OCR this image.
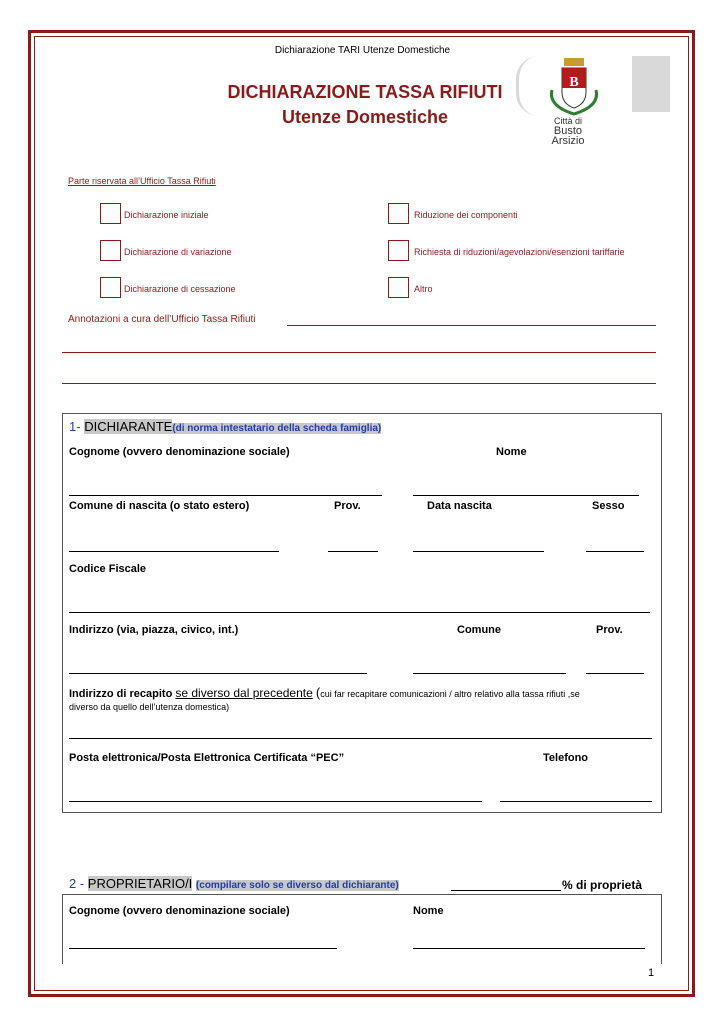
Dichiarazione TARI Utenze Domestiche
DICHIARAZIONE TASSA RIFIUTI
Utenze Domestiche
B
Città di
Busto Arsizio
Parte riservata all’Ufficio Tassa Rifiuti
Dichiarazione iniziale
Dichiarazione di variazione
Dichiarazione di cessazione
Riduzione dei componenti
Richiesta di riduzioni/agevolazioni/esenzioni tariffarie
Altro
Annotazioni a cura dell’Ufficio Tassa Rifiuti
1- DICHIARANTE(di norma intestatario della scheda famiglia)
Cognome (ovvero denominazione sociale)	Nome
Comune di nascita (o stato estero)	Prov.	Data nascita	Sesso
Codice Fiscale
Indirizzo (via, piazza, civico, int.)	Comune	Prov.
Indirizzo di recapito se diverso dal precedente (cui far recapitare comunicazioni / altro relativo alla tassa rifiuti ,se
diverso da quello dell’utenza domestica)
Posta elettronica/Posta Elettronica Certificata “PEC”	Telefono
2 - PROPRIETARIO/I (compilare solo se diverso dal dichiarante)	% di proprietà
Cognome (ovvero denominazione sociale)	Nome
1
